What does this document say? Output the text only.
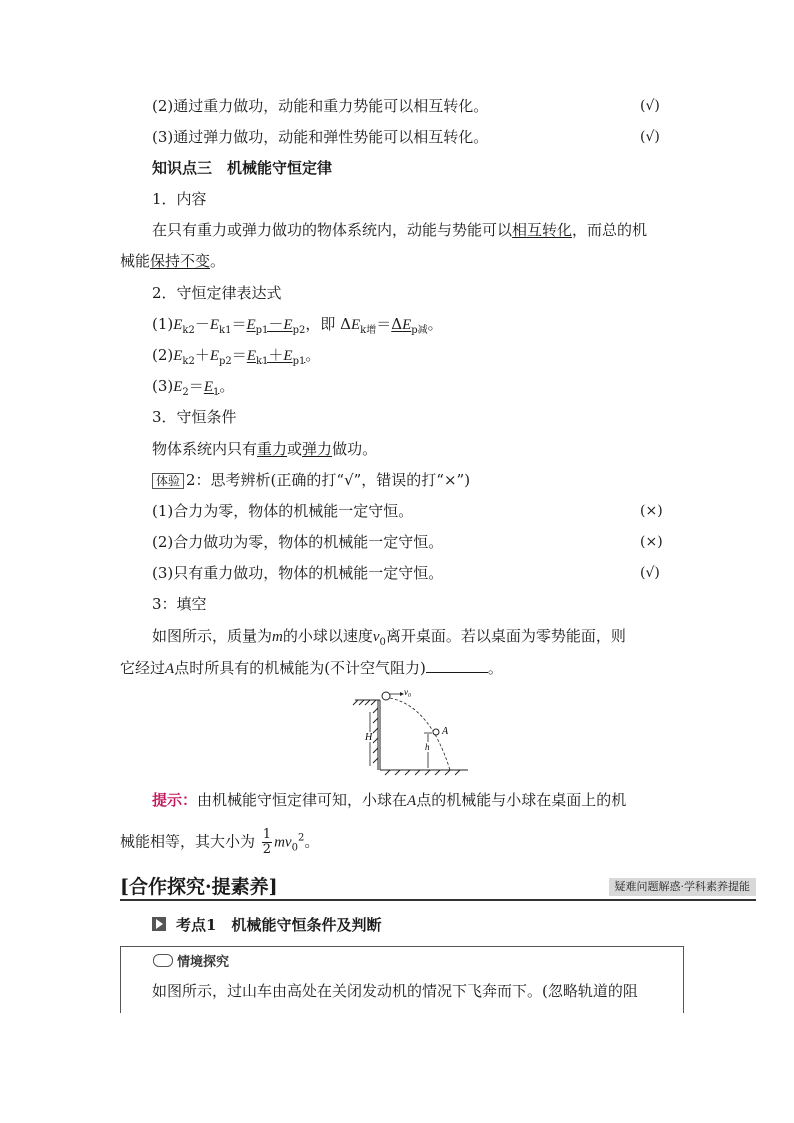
(2)通过重力做功，动能和重力势能可以相互转化。	(√)
(3)通过弹力做功，动能和弹性势能可以相互转化。	(√)
知识点三　机械能守恒定律
1．内容
在只有重力或弹力做功的物体系统内，动能与势能可以相互转化，而总的机
械能保持不变。
2．守恒定律表达式
$(1)E_{k2}-E_{k1}=E_{p1}-E_{p2}$，即 $\Delta E_{k增}=\Delta E_{p减}$。
$(2)E_{k2}+E_{p2}=E_{k1}+E_{p1}$。
$(3)E_2=E_1$。
3．守恒条件
物体系统内只有重力或弹力做功。
体验 2：思考辨析(正确的打“√”，错误的打“×”)
(1)合力为零，物体的机械能一定守恒。	(×)
(2)合力做功为零，物体的机械能一定守恒。	(×)
(3)只有重力做功，物体的机械能一定守恒。	(√)
3：填空
如图所示，质量为m的小球以速度$v_0$离开桌面。若以桌面为零势能面，则
它经过A点时所具有的机械能为(不计空气阻力)	。
v₀
A
H
h
提示：由机械能守恒定律可知，小球在A点的机械能与小球在桌面上的机
械能相等，其大小为 $\frac{1}{2} mv_0^2$。
[合作探究·提素养]	疑难问题解惑·学科素养提能
考点1　机械能守恒条件及判断
情境探究
如图所示，过山车由高处在关闭发动机的情况下飞奔而下。(忽略轨道的阻
